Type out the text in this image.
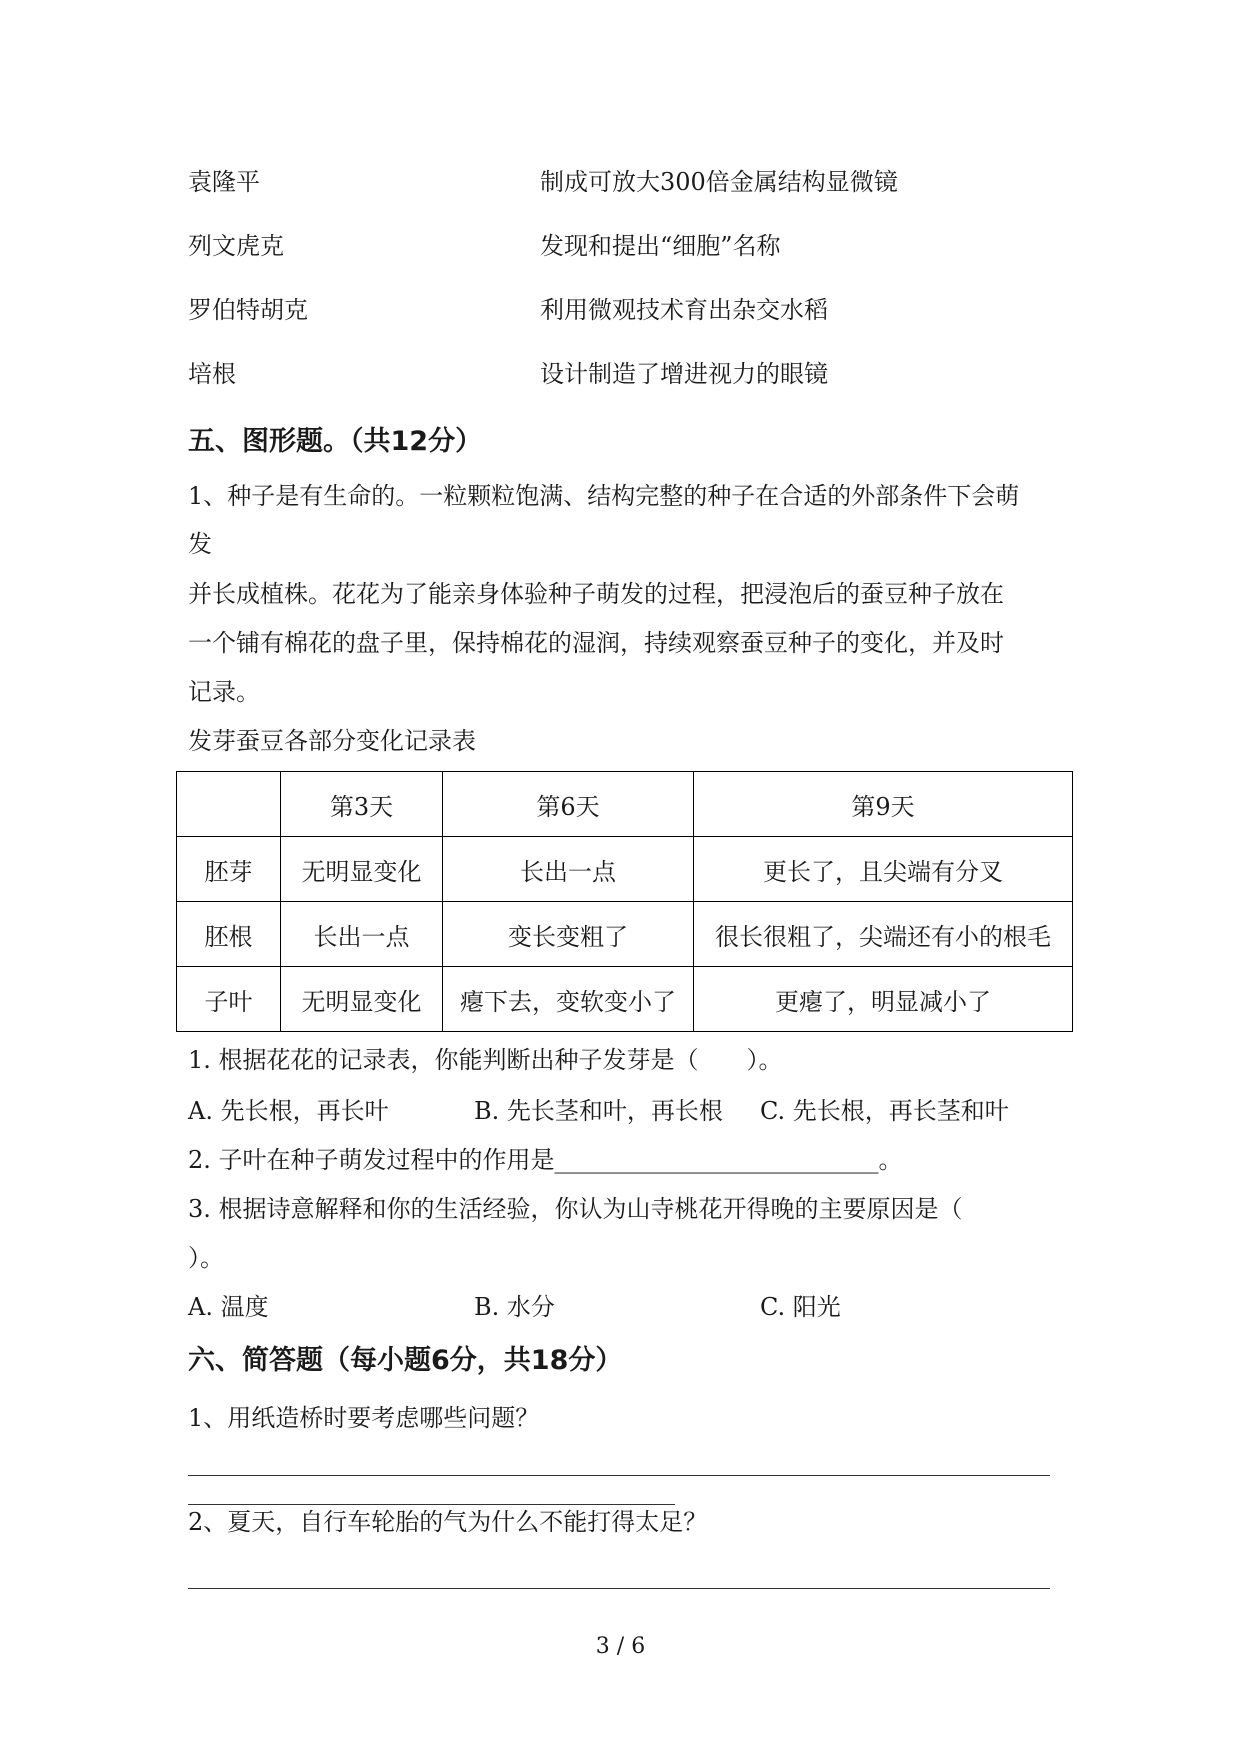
袁隆平	制成可放大300倍金属结构显微镜
列文虎克	发现和提出“细胞”名称
罗伯特胡克	利用微观技术育出杂交水稻
培根	设计制造了增进视力的眼镜
五、图形题。（共12分）
1、种子是有生命的。一粒颗粒饱满、结构完整的种子在合适的外部条件下会萌
发
并长成植株。花花为了能亲身体验种子萌发的过程，把浸泡后的蚕豆种子放在
一个铺有棉花的盘子里，保持棉花的湿润，持续观察蚕豆种子的变化，并及时
记录。
发芽蚕豆各部分变化记录表
	第3天	第6天	第9天
胚芽	无明显变化	长出一点	更长了，且尖端有分叉
胚根	长出一点	变长变粗了	很长很粗了，尖端还有小的根毛
子叶	无明显变化	瘪下去，变软变小了	更瘪了，明显减小了
1. 根据花花的记录表，你能判断出种子发芽是（　　）。
A. 先长根，再长叶	B. 先长茎和叶，再长根 C. 先长根，再长茎和叶
2. 子叶在种子萌发过程中的作用是___________________________。
3. 根据诗意解释和你的生活经验，你认为山寺桃花开得晚的主要原因是（
）。
A. 温度	B. 水分	C. 阳光
六、简答题（每小题6分，共18分）
1、用纸造桥时要考虑哪些问题？
2、夏天，自行车轮胎的气为什么不能打得太足？
3 / 6
